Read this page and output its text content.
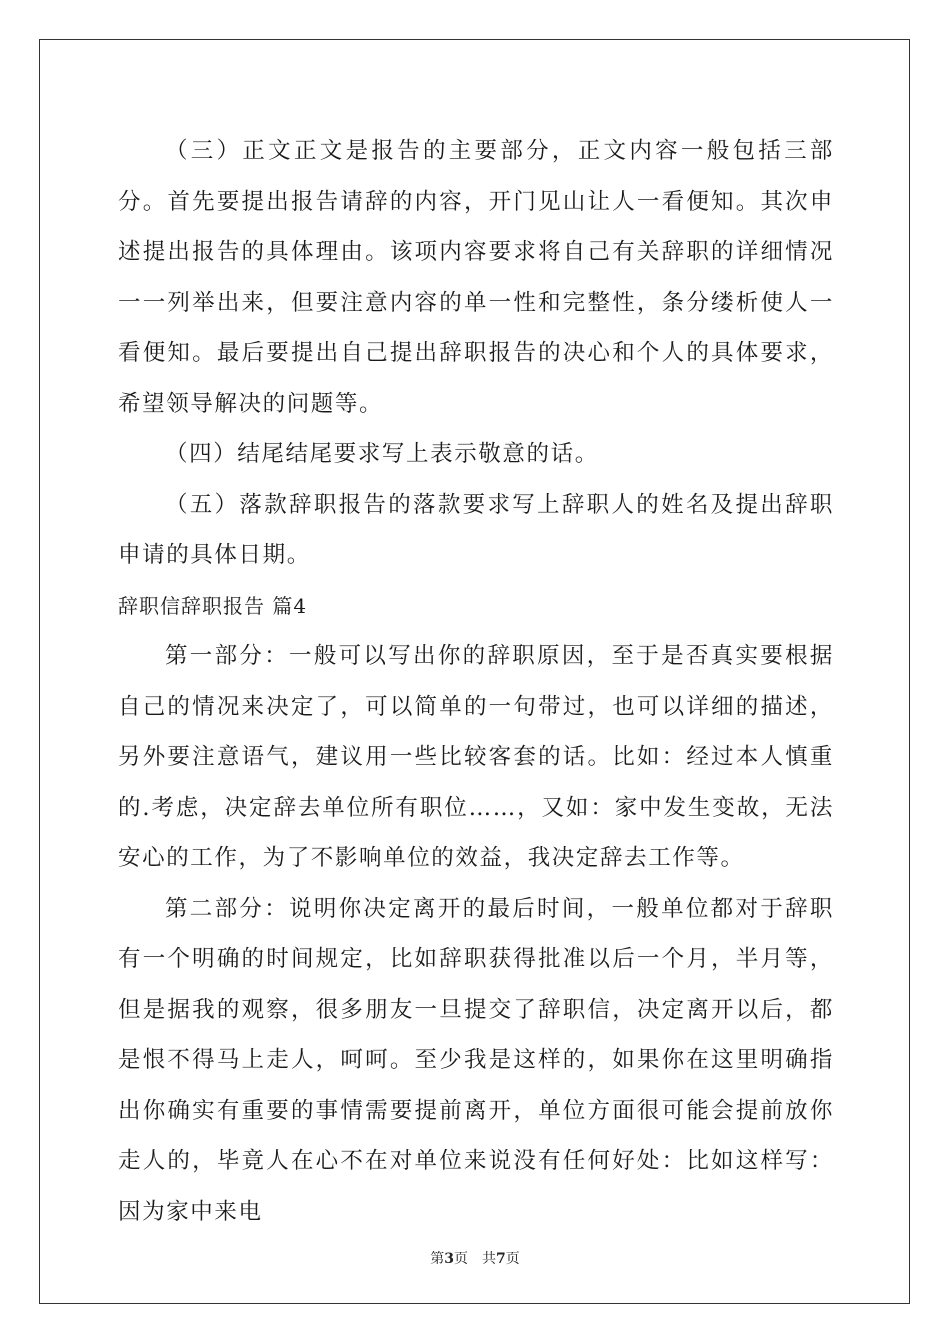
（三）正文正文是报告的主要部分，正文内容一般包括三部分。首先要提出报告请辞的内容，开门见山让人一看便知。其次申述提出报告的具体理由。该项内容要求将自己有关辞职的详细情况一一列举出来，但要注意内容的单一性和完整性，条分缕析使人一看便知。最后要提出自己提出辞职报告的决心和个人的具体要求，希望领导解决的问题等。

（四）结尾结尾要求写上表示敬意的话。

（五）落款辞职报告的落款要求写上辞职人的姓名及提出辞职申请的具体日期。

辞职信辞职报告 篇4

第一部分：一般可以写出你的辞职原因，至于是否真实要根据自己的情况来决定了，可以简单的一句带过，也可以详细的描述，另外要注意语气，建议用一些比较客套的话。比如：经过本人慎重的.考虑，决定辞去单位所有职位……，又如：家中发生变故，无法安心的工作，为了不影响单位的效益，我决定辞去工作等。

第二部分：说明你决定离开的最后时间，一般单位都对于辞职有一个明确的时间规定，比如辞职获得批准以后一个月，半月等，但是据我的观察，很多朋友一旦提交了辞职信，决定离开以后，都是恨不得马上走人，呵呵。至少我是这样的，如果你在这里明确指出你确实有重要的事情需要提前离开，单位方面很可能会提前放你走人的，毕竟人在心不在对单位来说没有任何好处：比如这样写：因为家中来电

第3页 共7页
